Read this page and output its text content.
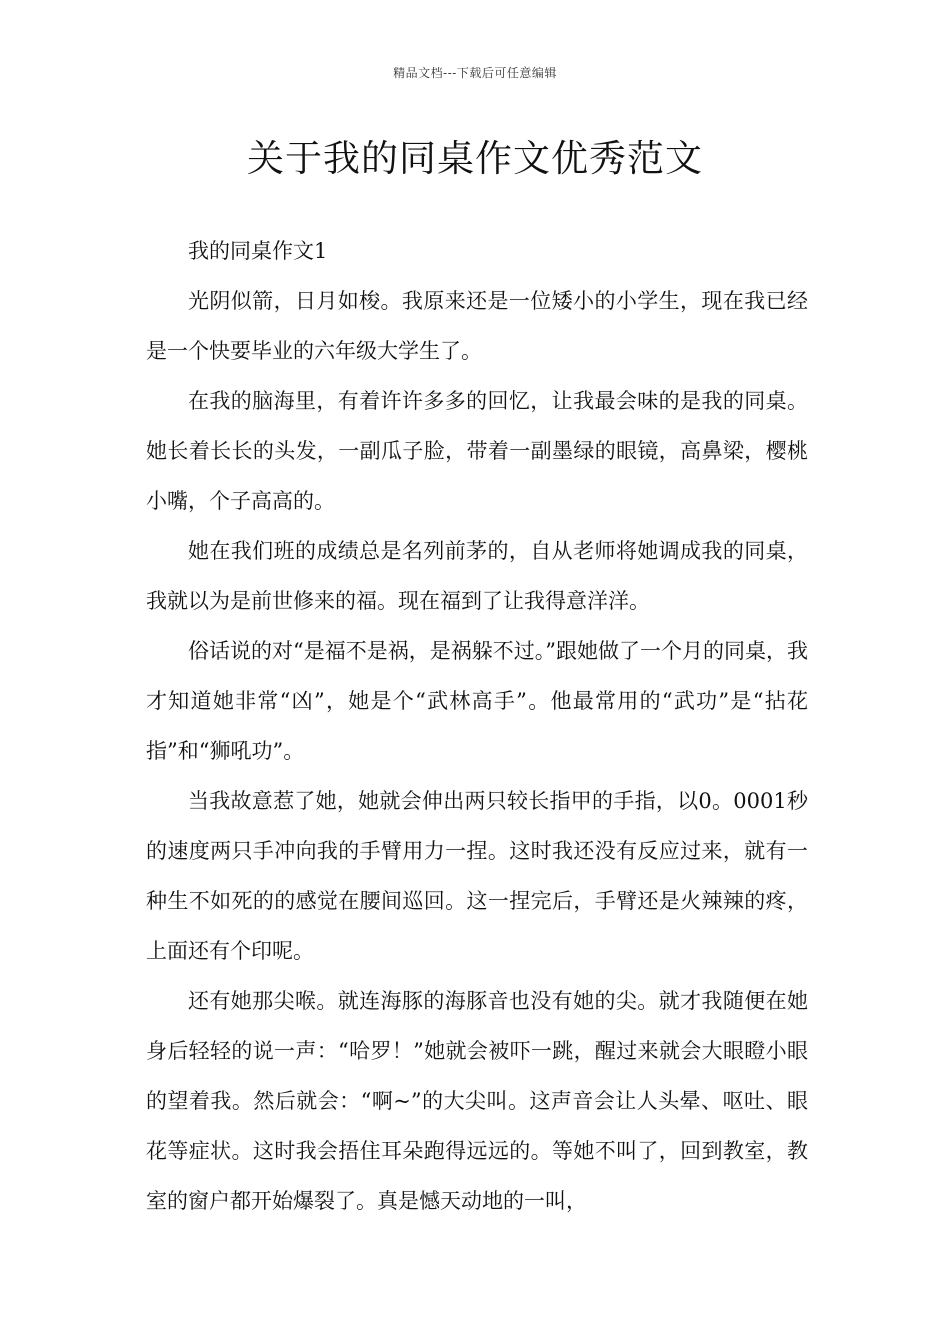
精品文档---下载后可任意编辑
关于我的同桌作文优秀范文

我的同桌作文1

光阴似箭，日月如梭。我原来还是一位矮小的小学生，现在我已经是一个快要毕业的六年级大学生了。

在我的脑海里，有着许许多多的回忆，让我最会味的是我的同桌。她长着长长的头发，一副瓜子脸，带着一副墨绿的眼镜，高鼻梁，樱桃小嘴，个子高高的。

她在我们班的成绩总是名列前茅的，自从老师将她调成我的同桌，我就以为是前世修来的福。现在福到了让我得意洋洋。

俗话说的对“是福不是祸，是祸躲不过。”跟她做了一个月的同桌，我才知道她非常“凶”，她是个“武林高手”。他最常用的“武功”是“拈花指”和“狮吼功”。

当我故意惹了她，她就会伸出两只较长指甲的手指，以0。0001秒的速度两只手冲向我的手臂用力一捏。这时我还没有反应过来，就有一种生不如死的的感觉在腰间巡回。这一捏完后，手臂还是火辣辣的疼，上面还有个印呢。

还有她那尖喉。就连海豚的海豚音也没有她的尖。就才我随便在她身后轻轻的说一声：“哈罗！”她就会被吓一跳，醒过来就会大眼瞪小眼的望着我。然后就会：“啊~”的大尖叫。这声音会让人头晕、呕吐、眼花等症状。这时我会捂住耳朵跑得远远的。等她不叫了，回到教室，教室的窗户都开始爆裂了。真是憾天动地的一叫，
